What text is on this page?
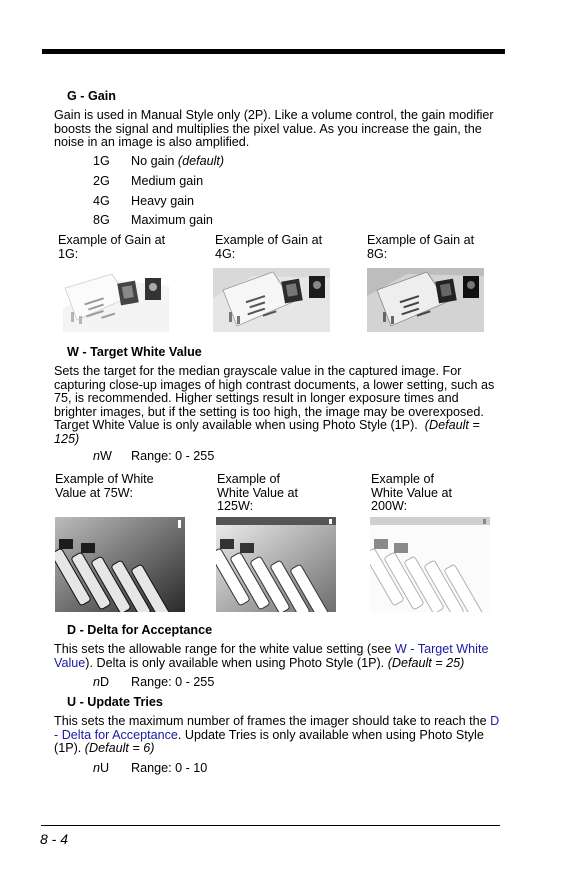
G - Gain

Gain is used in Manual Style only (2P). Like a volume control, the gain modifier boosts the signal and multiplies the pixel value. As you increase the gain, the noise in an image is also amplified.

1G No gain (default)
2G Medium gain
4G Heavy gain
8G Maximum gain
Example of Gain at
1G:
Example of Gain at
4G:
Example of Gain at
8G:
W - Target White Value

Sets the target for the median grayscale value in the captured image. For capturing close-up images of high contrast documents, a lower setting, such as 75, is recommended. Higher settings result in longer exposure times and brighter images, but if the setting is too high, the image may be overexposed. Target White Value is only available when using Photo Style (1P). (Default = 125)

nW Range: 0 - 255
Example of White
Value at 75W:
Example of
White Value at
125W:
Example of
White Value at
200W:
D - Delta for Acceptance

This sets the allowable range for the white value setting (see W - Target White Value). Delta is only available when using Photo Style (1P). (Default = 25)

nD Range: 0 - 255
U - Update Tries

This sets the maximum number of frames the imager should take to reach the D - Delta for Acceptance. Update Tries is only available when using Photo Style (1P). (Default = 6)

nU Range: 0 - 10
8 - 4
